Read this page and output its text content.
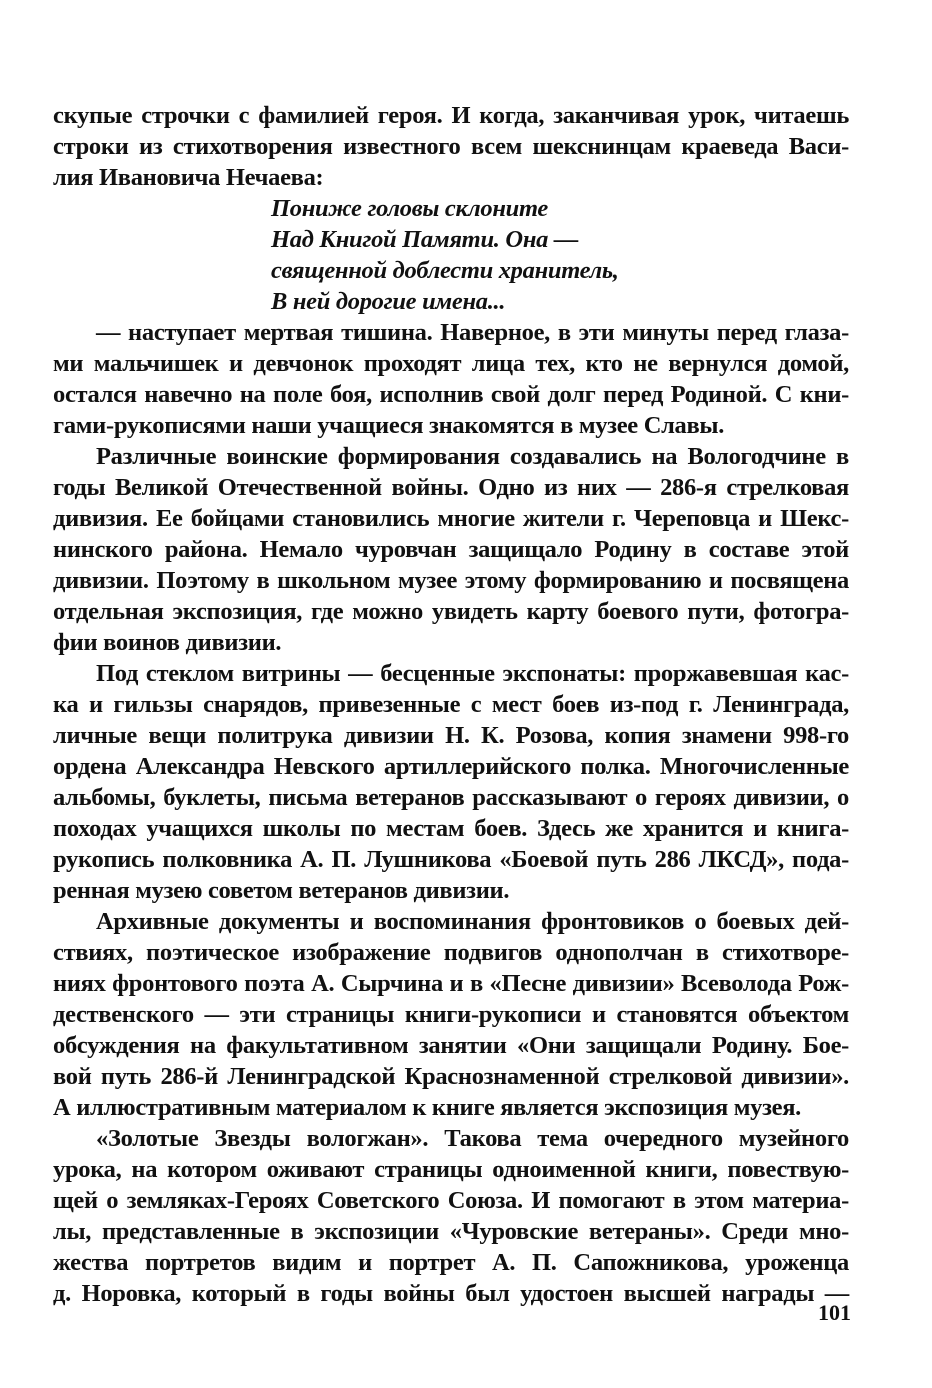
скупые строчки с фамилией героя. И когда, заканчивая урок, читаешь
строки из стихотворения известного всем шекснинцам краеведа Васи-
лия Ивановича Нечаева:
Пониже головы склоните
Над Книгой Памяти. Она —
священной доблести хранитель,
В ней дорогие имена...
— наступает мертвая тишина. Наверное, в эти минуты перед глаза-
ми мальчишек и девчонок проходят лица тех, кто не вернулся домой,
остался навечно на поле боя, исполнив свой долг перед Родиной. С кни-
гами-рукописями наши учащиеся знакомятся в музее Славы.
Различные воинские формирования создавались на Вологодчине в
годы Великой Отечественной войны. Одно из них — 286-я стрелковая
дивизия. Ее бойцами становились многие жители г. Череповца и Шекс-
нинского района. Немало чуровчан защищало Родину в составе этой
дивизии. Поэтому в школьном музее этому формированию и посвящена
отдельная экспозиция, где можно увидеть карту боевого пути, фотогра-
фии воинов дивизии.
Под стеклом витрины — бесценные экспонаты: проржавевшая кас-
ка и гильзы снарядов, привезенные с мест боев из-под г. Ленинграда,
личные вещи политрука дивизии Н. К. Розова, копия знамени 998-го
ордена Александра Невского артиллерийского полка. Многочисленные
альбомы, буклеты, письма ветеранов рассказывают о героях дивизии, о
походах учащихся школы по местам боев. Здесь же хранится и книга-
рукопись полковника А. П. Лушникова «Боевой путь 286 ЛКСД», пода-
ренная музею советом ветеранов дивизии.
Архивные документы и воспоминания фронтовиков о боевых дей-
ствиях, поэтическое изображение подвигов однополчан в стихотворе-
ниях фронтового поэта А. Сырчина и в «Песне дивизии» Всеволода Рож-
дественского — эти страницы книги-рукописи и становятся объектом
обсуждения на факультативном занятии «Они защищали Родину. Бое-
вой путь 286-й Ленинградской Краснознаменной стрелковой дивизии».
А иллюстративным материалом к книге является экспозиция музея.
«Золотые Звезды вологжан». Такова тема очередного музейного
урока, на котором оживают страницы одноименной книги, повествую-
щей о земляках-Героях Советского Союза. И помогают в этом материа-
лы, представленные в экспозиции «Чуровские ветераны». Среди мно-
жества портретов видим и портрет А. П. Сапожникова, уроженца
д. Норовка, который в годы войны был удостоен высшей награды —
101
